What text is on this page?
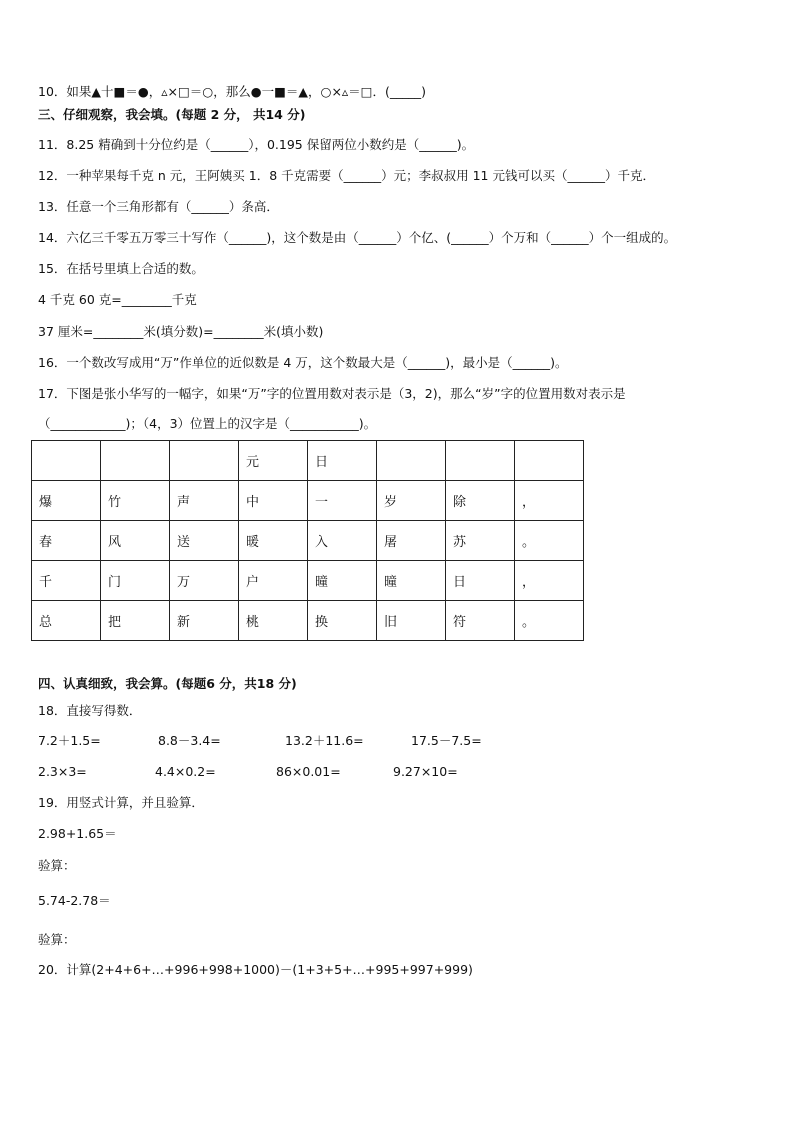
10．如果▲十■＝●，▵×□＝○，那么●一■＝▲，○×▵＝□．(_____)
三、仔细观察，我会填。(每题 2 分， 共14 分)
11．8.25 精确到十分位约是（______），0.195 保留两位小数约是（______)。
12．一种苹果每千克 n 元，王阿姨买 1．8 千克需要（______）元；李叔叔用 11 元钱可以买（______）千克．
13．任意一个三角形都有（______）条高．
14．六亿三千零五万零三十写作（______)，这个数是由（______）个亿、(______）个万和（______）个一组成的。
15．在括号里填上合适的数。
4 千克 60 克=________千克
37 厘米=________米(填分数)=________米(填小数)
16．一个数改写成用“万”作单位的近似数是 4 万，这个数最大是（______)，最小是（______)。
17．下图是张小华写的一幅字，如果“万”字的位置用数对表示是（3，2)，那么“岁”字的位置用数对表示是
（____________)；（4，3）位置上的汉字是（___________)。
			元	日			
爆	竹	声	中	一	岁	除	，
春	风	送	暖	入	屠	苏	。
千	门	万	户	曈	曈	日	，
总	把	新	桃	换	旧	符	。
四、认真细致，我会算。(每题6 分，共18 分)
18．直接写得数．
7.2＋1.5=	8.8－3.4=	13.2＋11.6=	17.5－7.5=
2.3×3=	4.4×0.2=	86×0.01=	9.27×10=
19．用竖式计算，并且验算．
2.98+1.65＝
验算：
5.74-2.78＝
验算：
20．计算(2+4+6+…+996+998+1000)－(1+3+5+…+995+997+999)
